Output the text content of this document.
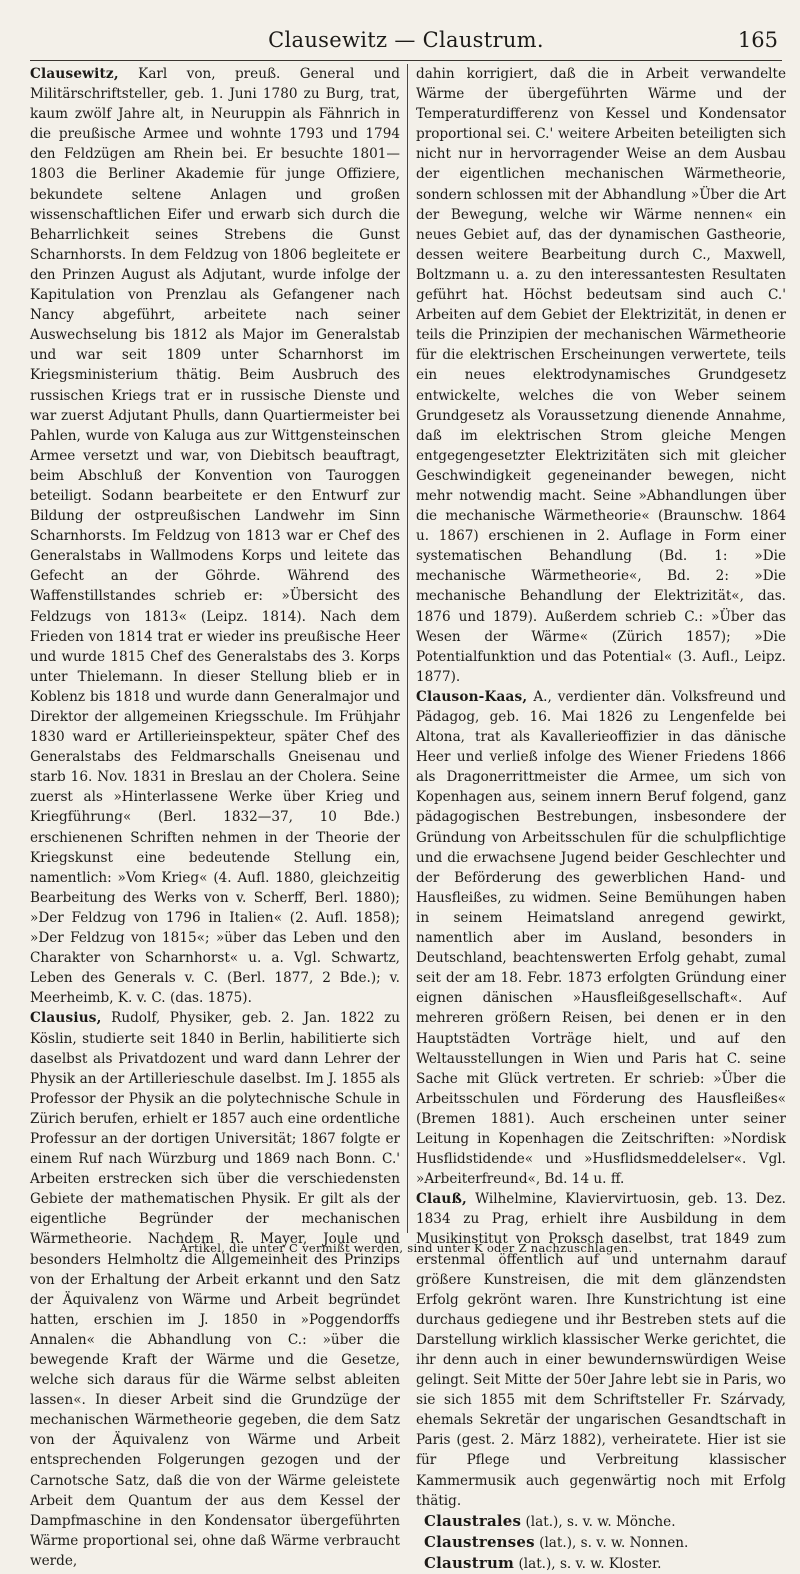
Clausewitz — Claustrum.	165

Clausewitz, Karl von, preuß. General und Militärschriftsteller, geb. 1. Juni 1780 zu Burg, trat, kaum zwölf Jahre alt, in Neuruppin als Fähnrich in die preußische Armee und wohnte 1793 und 1794 den Feldzügen am Rhein bei. Er besuchte 1801—1803 die Berliner Akademie für junge Offiziere, bekundete seltene Anlagen und großen wissenschaftlichen Eifer und erwarb sich durch die Beharrlichkeit seines Strebens die Gunst Scharnhorsts. In dem Feldzug von 1806 begleitete er den Prinzen August als Adjutant, wurde infolge der Kapitulation von Prenzlau als Gefangener nach Nancy abgeführt, arbeitete nach seiner Auswechselung bis 1812 als Major im Generalstab und war seit 1809 unter Scharnhorst im Kriegsministerium thätig. Beim Ausbruch des russischen Kriegs trat er in russische Dienste und war zuerst Adjutant Phulls, dann Quartiermeister bei Pahlen, wurde von Kaluga aus zur Wittgensteinschen Armee versetzt und war, von Diebitsch beauftragt, beim Abschluß der Konvention von Tauroggen beteiligt. Sodann bearbeitete er den Entwurf zur Bildung der ostpreußischen Landwehr im Sinn Scharnhorsts. Im Feldzug von 1813 war er Chef des Generalstabs in Wallmodens Korps und leitete das Gefecht an der Göhrde. Während des Waffenstillstandes schrieb er: »Übersicht des Feldzugs von 1813« (Leipz. 1814). Nach dem Frieden von 1814 trat er wieder ins preußische Heer und wurde 1815 Chef des Generalstabs des 3. Korps unter Thielemann. In dieser Stellung blieb er in Koblenz bis 1818 und wurde dann Generalmajor und Direktor der allgemeinen Kriegsschule. Im Frühjahr 1830 ward er Artillerieinspekteur, später Chef des Generalstabs des Feldmarschalls Gneisenau und starb 16. Nov. 1831 in Breslau an der Cholera. Seine zuerst als »Hinterlassene Werke über Krieg und Kriegführung« (Berl. 1832—37, 10 Bde.) erschienenen Schriften nehmen in der Theorie der Kriegskunst eine bedeutende Stellung ein, namentlich: »Vom Krieg« (4. Aufl. 1880, gleichzeitig Bearbeitung des Werks von v. Scherff, Berl. 1880); »Der Feldzug von 1796 in Italien« (2. Aufl. 1858); »Der Feldzug von 1815«; »über das Leben und den Charakter von Scharnhorst« u. a. Vgl. Schwartz, Leben des Generals v. C. (Berl. 1877, 2 Bde.); v. Meerheimb, K. v. C. (das. 1875).

Clausius, Rudolf, Physiker, geb. 2. Jan. 1822 zu Köslin, studierte seit 1840 in Berlin, habilitierte sich daselbst als Privatdozent und ward dann Lehrer der Physik an der Artillerieschule daselbst. Im J. 1855 als Professor der Physik an die polytechnische Schule in Zürich berufen, erhielt er 1857 auch eine ordentliche Professur an der dortigen Universität; 1867 folgte er einem Ruf nach Würzburg und 1869 nach Bonn. C.' Arbeiten erstrecken sich über die verschiedensten Gebiete der mathematischen Physik. Er gilt als der eigentliche Begründer der mechanischen Wärmetheorie. Nachdem R. Mayer, Joule und besonders Helmholtz die Allgemeinheit des Prinzips von der Erhaltung der Arbeit erkannt und den Satz der Äquivalenz von Wärme und Arbeit begründet hatten, erschien im J. 1850 in »Poggendorffs Annalen« die Abhandlung von C.: »über die bewegende Kraft der Wärme und die Gesetze, welche sich daraus für die Wärme selbst ableiten lassen«. In dieser Arbeit sind die Grundzüge der mechanischen Wärmetheorie gegeben, die dem Satz von der Äquivalenz von Wärme und Arbeit entsprechenden Folgerungen gezogen und der Carnotsche Satz, daß die von der Wärme geleistete Arbeit dem Quantum der aus dem Kessel der Dampfmaschine in den Kondensator übergeführten Wärme proportional sei, ohne daß Wärme verbraucht werde,

dahin korrigiert, daß die in Arbeit verwandelte Wärme der übergeführten Wärme und der Temperaturdifferenz von Kessel und Kondensator proportional sei. C.' weitere Arbeiten beteiligten sich nicht nur in hervorragender Weise an dem Ausbau der eigentlichen mechanischen Wärmetheorie, sondern schlossen mit der Abhandlung »Über die Art der Bewegung, welche wir Wärme nennen« ein neues Gebiet auf, das der dynamischen Gastheorie, dessen weitere Bearbeitung durch C., Maxwell, Boltzmann u. a. zu den interessantesten Resultaten geführt hat. Höchst bedeutsam sind auch C.' Arbeiten auf dem Gebiet der Elektrizität, in denen er teils die Prinzipien der mechanischen Wärmetheorie für die elektrischen Erscheinungen verwertete, teils ein neues elektrodynamisches Grundgesetz entwickelte, welches die von Weber seinem Grundgesetz als Voraussetzung dienende Annahme, daß im elektrischen Strom gleiche Mengen entgegengesetzter Elektrizitäten sich mit gleicher Geschwindigkeit gegeneinander bewegen, nicht mehr notwendig macht. Seine »Abhandlungen über die mechanische Wärmetheorie« (Braunschw. 1864 u. 1867) erschienen in 2. Auflage in Form einer systematischen Behandlung (Bd. 1: »Die mechanische Wärmetheorie«, Bd. 2: »Die mechanische Behandlung der Elektrizität«, das. 1876 und 1879). Außerdem schrieb C.: »Über das Wesen der Wärme« (Zürich 1857); »Die Potentialfunktion und das Potential« (3. Aufl., Leipz. 1877).

Clauson-Kaas, A., verdienter dän. Volksfreund und Pädagog, geb. 16. Mai 1826 zu Lengenfelde bei Altona, trat als Kavallerieoffizier in das dänische Heer und verließ infolge des Wiener Friedens 1866 als Dragonerrittmeister die Armee, um sich von Kopenhagen aus, seinem innern Beruf folgend, ganz pädagogischen Bestrebungen, insbesondere der Gründung von Arbeitsschulen für die schulpflichtige und die erwachsene Jugend beider Geschlechter und der Beförderung des gewerblichen Hand- und Hausfleißes, zu widmen. Seine Bemühungen haben in seinem Heimatsland anregend gewirkt, namentlich aber im Ausland, besonders in Deutschland, beachtenswerten Erfolg gehabt, zumal seit der am 18. Febr. 1873 erfolgten Gründung einer eignen dänischen »Hausfleißgesellschaft«. Auf mehreren größern Reisen, bei denen er in den Hauptstädten Vorträge hielt, und auf den Weltausstellungen in Wien und Paris hat C. seine Sache mit Glück vertreten. Er schrieb: »Über die Arbeitsschulen und Förderung des Hausfleißes« (Bremen 1881). Auch erscheinen unter seiner Leitung in Kopenhagen die Zeitschriften: »Nordisk Husflidstidende« und »Husflidsmeddelelser«. Vgl. »Arbeiterfreund«, Bd. 14 u. ff.

Clauß, Wilhelmine, Klaviervirtuosin, geb. 13. Dez. 1834 zu Prag, erhielt ihre Ausbildung in dem Musikinstitut von Proksch daselbst, trat 1849 zum erstenmal öffentlich auf und unternahm darauf größere Kunstreisen, die mit dem glänzendsten Erfolg gekrönt waren. Ihre Kunstrichtung ist eine durchaus gediegene und ihr Bestreben stets auf die Darstellung wirklich klassischer Werke gerichtet, die ihr denn auch in einer bewundernswürdigen Weise gelingt. Seit Mitte der 50er Jahre lebt sie in Paris, wo sie sich 1855 mit dem Schriftsteller Fr. Szárvady, ehemals Sekretär der ungarischen Gesandtschaft in Paris (gest. 2. März 1882), verheiratete. Hier ist sie für Pflege und Verbreitung klassischer Kammermusik auch gegenwärtig noch mit Erfolg thätig.

Claustrales (lat.), s. v. w. Mönche.

Claustrenses (lat.), s. v. w. Nonnen.

Claustrum (lat.), s. v. w. Kloster.

Artikel, die unter C vermißt werden, sind unter K oder Z nachzuschlagen.
